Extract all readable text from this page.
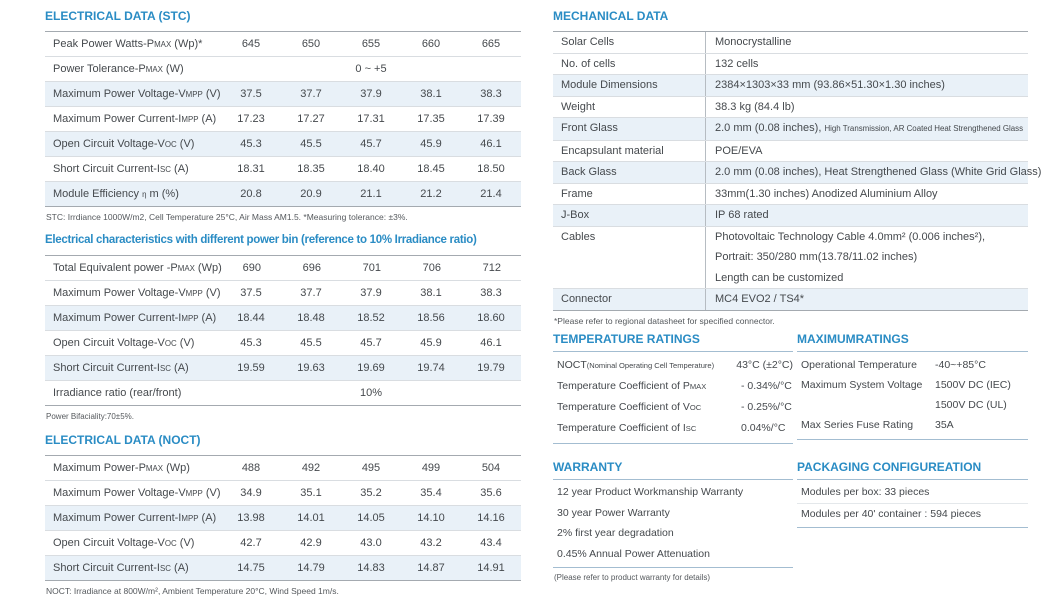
ELECTRICAL DATA (STC)
Peak Power Watts-PMAX (Wp)*	645	650	655	660	665
Power Tolerance-PMAX (W)	0 ~ +5
Maximum Power Voltage-VMPP (V)	37.5	37.7	37.9	38.1	38.3
Maximum Power Current-IMPP (A)	17.23	17.27	17.31	17.35	17.39
Open Circuit Voltage-VOC (V)	45.3	45.5	45.7	45.9	46.1
Short Circuit Current-ISC (A)	18.31	18.35	18.40	18.45	18.50
Module Efficiency η m (%)	20.8	20.9	21.1	21.2	21.4
STC: Irrdiance 1000W/m2, Cell Temperature 25°C, Air Mass AM1.5. *Measuring tolerance: ±3%.
Electrical characteristics with different power bin (reference to 10% Irradiance ratio)
Total Equivalent power -PMAX (Wp)	690	696	701	706	712
Maximum Power Voltage-VMPP (V)	37.5	37.7	37.9	38.1	38.3
Maximum Power Current-IMPP (A)	18.44	18.48	18.52	18.56	18.60
Open Circuit Voltage-VOC (V)	45.3	45.5	45.7	45.9	46.1
Short Circuit Current-ISC (A)	19.59	19.63	19.69	19.74	19.79
Irradiance ratio (rear/front)	10%
Power Bifaciality:70±5%.
ELECTRICAL DATA (NOCT)
Maximum Power-PMAX (Wp)	488	492	495	499	504
Maximum Power Voltage-VMPP (V)	34.9	35.1	35.2	35.4	35.6
Maximum Power Current-IMPP (A)	13.98	14.01	14.05	14.10	14.16
Open Circuit Voltage-VOC (V)	42.7	42.9	43.0	43.2	43.4
Short Circuit Current-ISC (A)	14.75	14.79	14.83	14.87	14.91
NOCT: Irradiance at 800W/m², Ambient Temperature 20°C, Wind Speed 1m/s.
MECHANICAL DATA
Solar Cells	Monocrystalline
No. of cells	132 cells
Module Dimensions	2384×1303×33 mm (93.86×51.30×1.30 inches)
Weight	38.3 kg (84.4 lb)
Front Glass	2.0 mm (0.08 inches), High Transmission, AR Coated Heat Strengthened Glass
Encapsulant material	POE/EVA
Back Glass	2.0 mm (0.08 inches), Heat Strengthened Glass (White Grid Glass)
Frame	33mm(1.30 inches) Anodized Aluminium Alloy
J-Box	IP 68 rated
Cables	Photovoltaic Technology Cable 4.0mm² (0.006 inches²),
Portrait: 350/280 mm(13.78/11.02 inches)
Length can be customized
Connector	MC4 EVO2 / TS4*
*Please refer to regional datasheet for specified connector.
TEMPERATURE RATINGS
NOCT(Nominal Operating Cell Temperature)	43°C (±2°C)
Temperature Coefficient of PMAX	- 0.34%/°C
Temperature Coefficient of VOC	- 0.25%/°C
Temperature Coefficient of ISC	0.04%/°C
MAXIMUMRATINGS
Operational Temperature	-40~+85°C
Maximum System Voltage	1500V DC (IEC)
1500V DC (UL)
Max Series Fuse Rating	35A
WARRANTY
12 year Product Workmanship Warranty
30 year Power Warranty
2% first year degradation
0.45% Annual Power Attenuation
(Please refer to product warranty for details)
PACKAGING CONFIGUREATION
Modules per box: 33 pieces
Modules per 40' container : 594 pieces
